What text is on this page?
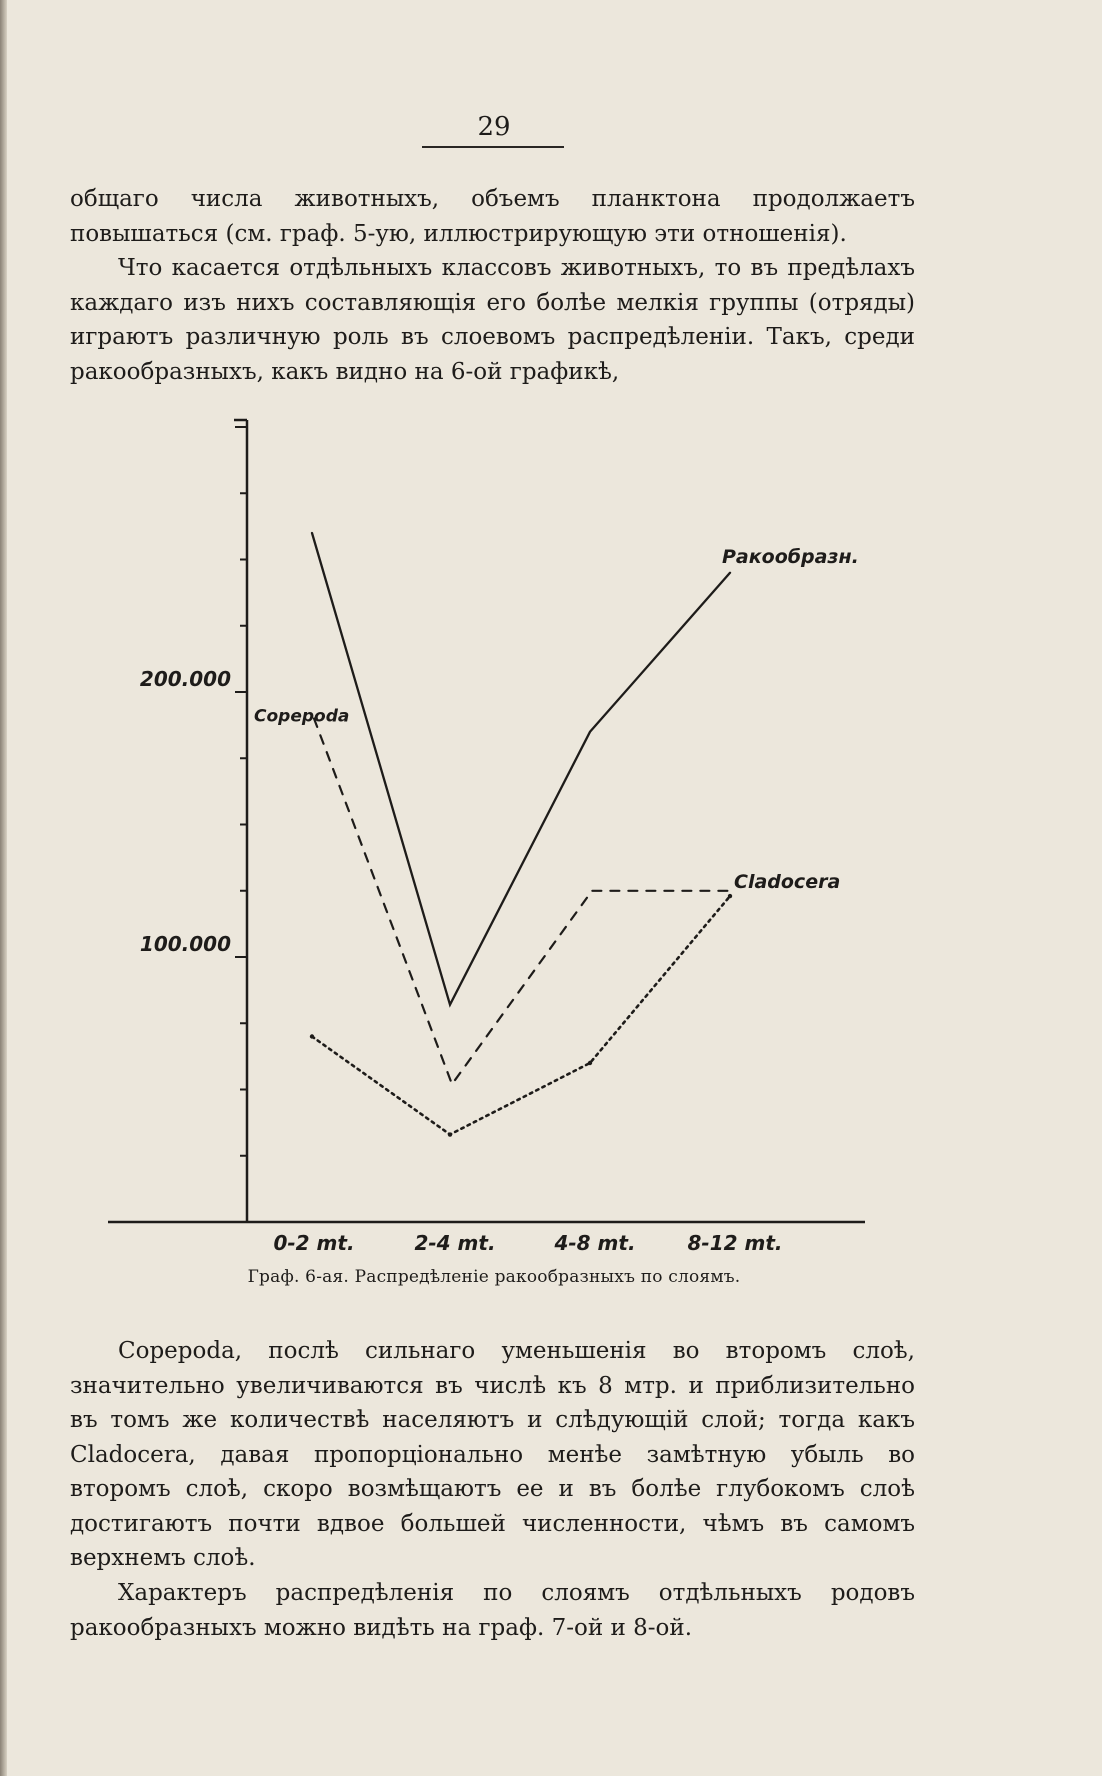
29

общаго числа животныхъ, объемъ планктона продолжаетъ повышаться (см. граф. 5-ую, иллюстрирующую эти отношенія).
Что касается отдѣльныхъ классовъ животныхъ, то въ предѣлахъ каждаго изъ нихъ составляющія его болѣе мелкія группы (отряды) играютъ различную роль въ слоевомъ распредѣленіи. Такъ, среди ракообразныхъ, какъ видно на 6-ой графикѣ,

200.000
100.000
0-2 mt.	2-4 mt.	4-8 mt.	8-12 mt.
Ракообразн.
Copepoda
Cladocera
Граф. 6-ая. Распредѣленіе ракообразныхъ по слоямъ.

Copepoda, послѣ сильнаго уменьшенія во второмъ слоѣ, значительно увеличиваются въ числѣ къ 8 мтр. и приблизительно въ томъ же количествѣ населяютъ и слѣдующій слой; тогда какъ Cladocera, давая пропорціонально менѣе замѣтную убыль во второмъ слоѣ, скоро возмѣщаютъ ее и въ болѣе глубокомъ слоѣ достигаютъ почти вдвое большей численности, чѣмъ въ самомъ верхнемъ слоѣ.

Характеръ распредѣленія по слоямъ отдѣльныхъ родовъ ракообразныхъ можно видѣть на граф. 7-ой и 8-ой.
